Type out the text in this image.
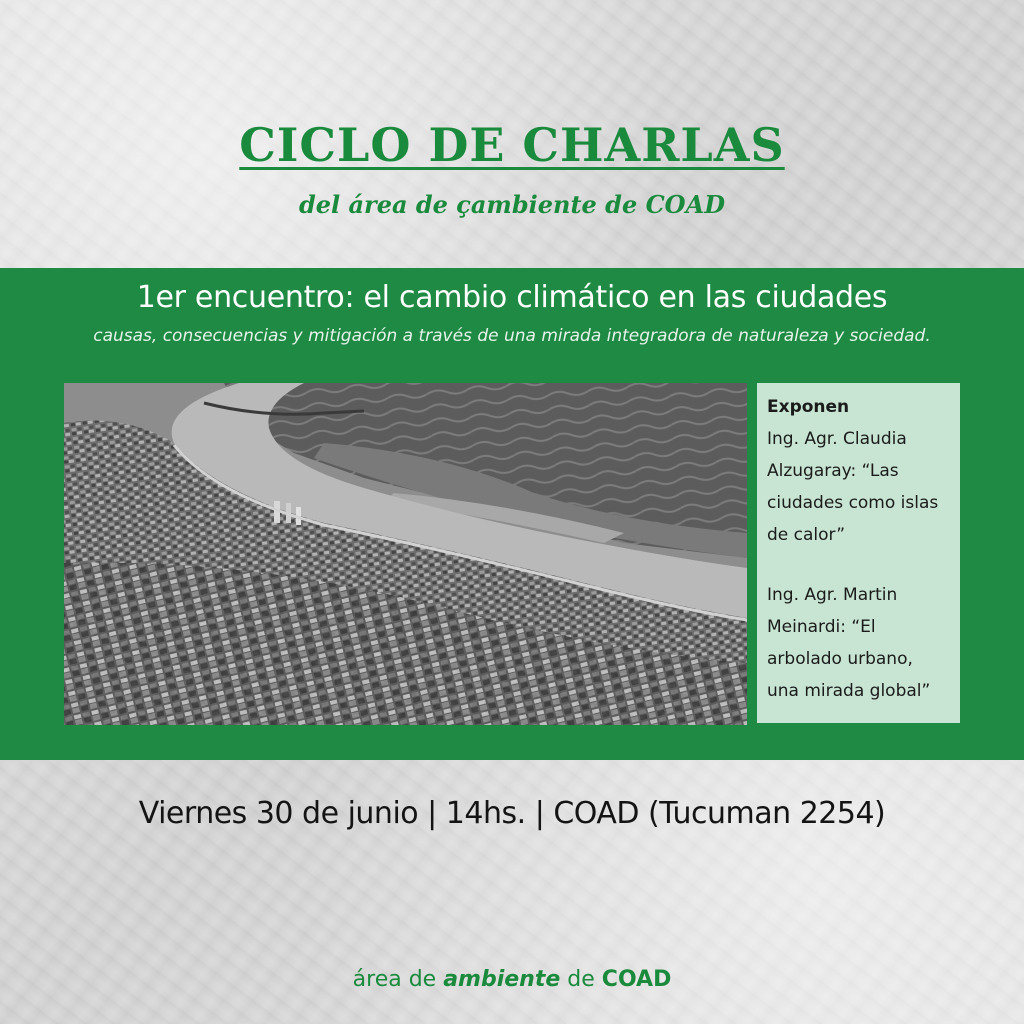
CICLO DE CHARLAS
del área de çambiente de COAD
1er encuentro: el cambio climático en las ciudades
causas, consecuencias y mitigación a través de una mirada integradora de naturaleza y sociedad.
Exponen
Ing. Agr. Claudia Alzugaray: “Las ciudades como islas de calor”
Ing. Agr. Martin Meinardi: “El arbolado urbano, una mirada global”
Viernes 30 de junio | 14hs. | COAD (Tucuman 2254)
área de ambiente de COAD
